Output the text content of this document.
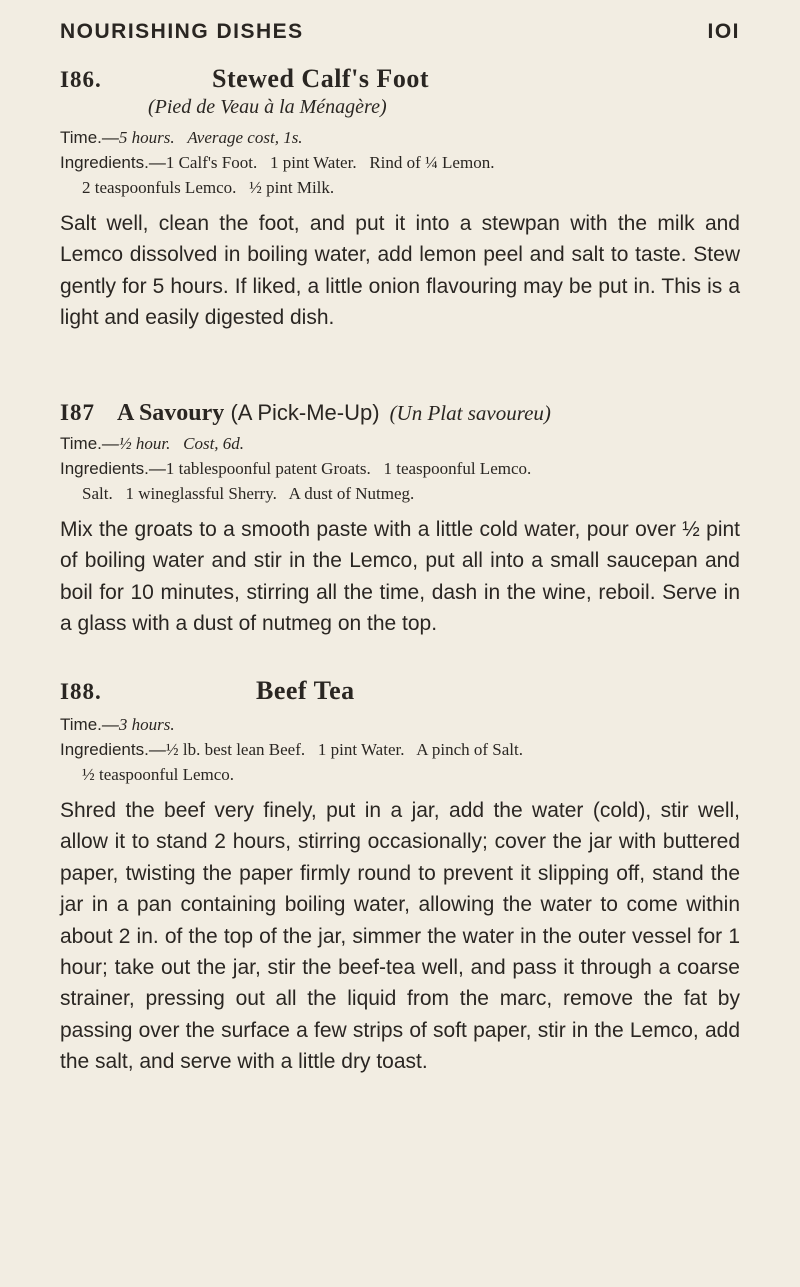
NOURISHING DISHES	IOI
I86.	Stewed Calf's Foot
(Pied de Veau à la Ménagère)
Time.—5 hours. Average cost, 1s.
Ingredients.—1 Calf's Foot.   1 pint Water.   Rind of ¼ Lemon.
2 teaspoonfuls Lemco.   ½ pint Milk.

Salt well, clean the foot, and put it into a stewpan with the milk and Lemco dissolved in boiling water, add lemon peel and salt to taste. Stew gently for 5 hours. If liked, a little onion flavouring may be put in. This is a light and easily digested dish.

I87 A Savoury (A Pick-Me-Up) (Un Plat savoureu)
Time.—½ hour. Cost, 6d.
Ingredients.—1 tablespoonful patent Groats.   1 teaspoonful Lemco.
Salt.   1 wineglassful Sherry.   A dust of Nutmeg.

Mix the groats to a smooth paste with a little cold water, pour over ½ pint of boiling water and stir in the Lemco, put all into a small saucepan and boil for 10 minutes, stirring all the time, dash in the wine, reboil. Serve in a glass with a dust of nutmeg on the top.

I88.	Beef Tea
Time.—3 hours.
Ingredients.—½ lb. best lean Beef.   1 pint Water.   A pinch of Salt.
½ teaspoonful Lemco.

Shred the beef very finely, put in a jar, add the water (cold), stir well, allow it to stand 2 hours, stirring occasionally; cover the jar with buttered paper, twisting the paper firmly round to prevent it slipping off, stand the jar in a pan containing boiling water, allowing the water to come within about 2 in. of the top of the jar, simmer the water in the outer vessel for 1 hour; take out the jar, stir the beef-tea well, and pass it through a coarse strainer, pressing out all the liquid from the marc, remove the fat by passing over the surface a few strips of soft paper, stir in the Lemco, add the salt, and serve with a little dry toast.
